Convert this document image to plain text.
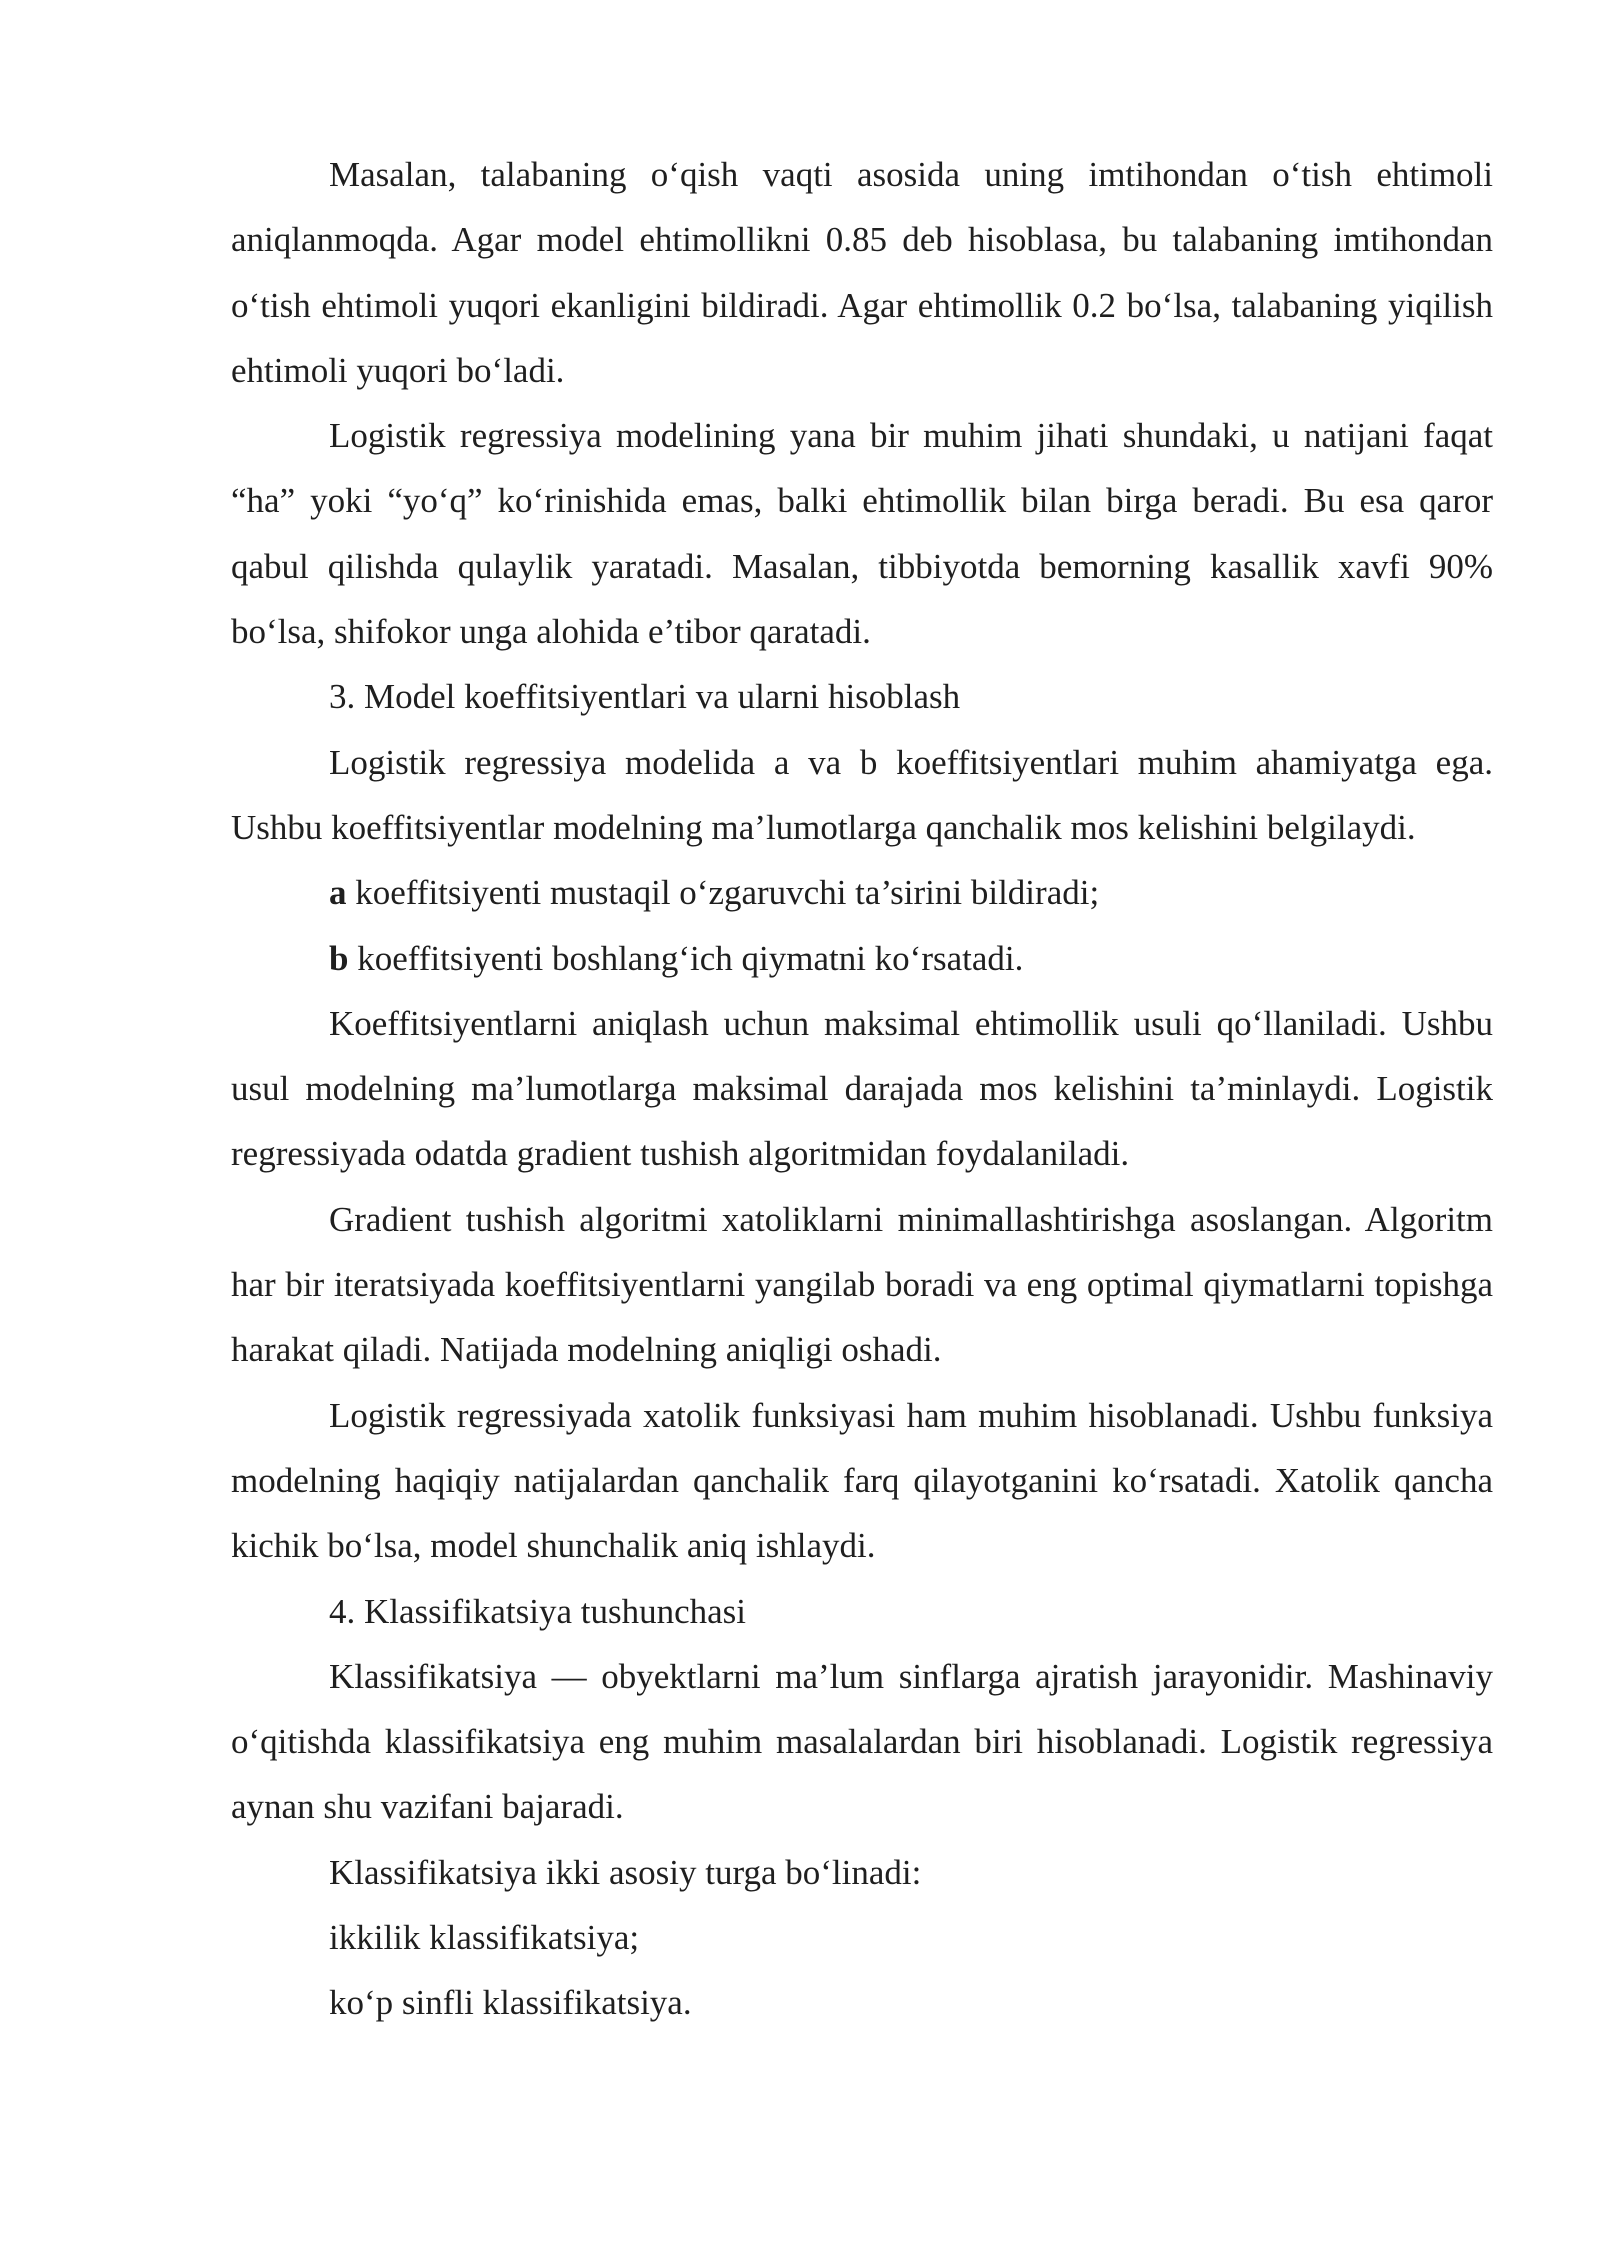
Masalan, talabaning o‘qish vaqti asosida uning imtihondan o‘tish ehtimoli aniqlanmoqda. Agar model ehtimollikni 0.85 deb hisoblasa, bu talabaning imtihondan o‘tish ehtimoli yuqori ekanligini bildiradi. Agar ehtimollik 0.2 bo‘lsa, talabaning yiqilish ehtimoli yuqori bo‘ladi.

Logistik regressiya modelining yana bir muhim jihati shundaki, u natijani faqat “ha” yoki “yo‘q” ko‘rinishida emas, balki ehtimollik bilan birga beradi. Bu esa qaror qabul qilishda qulaylik yaratadi. Masalan, tibbiyotda bemorning kasallik xavfi 90% bo‘lsa, shifokor unga alohida e’tibor qaratadi.

3. Model koeffitsiyentlari va ularni hisoblash

Logistik regressiya modelida a va b koeffitsiyentlari muhim ahamiyatga ega. Ushbu koeffitsiyentlar modelning ma’lumotlarga qanchalik mos kelishini belgilaydi.

a koeffitsiyenti mustaqil o‘zgaruvchi ta’sirini bildiradi;

b koeffitsiyenti boshlang‘ich qiymatni ko‘rsatadi.

Koeffitsiyentlarni aniqlash uchun maksimal ehtimollik usuli qo‘llaniladi. Ushbu usul modelning ma’lumotlarga maksimal darajada mos kelishini ta’minlaydi. Logistik regressiyada odatda gradient tushish algoritmidan foydalaniladi.

Gradient tushish algoritmi xatoliklarni minimallashtirishga asoslangan. Algoritm har bir iteratsiyada koeffitsiyentlarni yangilab boradi va eng optimal qiymatlarni topishga harakat qiladi. Natijada modelning aniqligi oshadi.

Logistik regressiyada xatolik funksiyasi ham muhim hisoblanadi. Ushbu funksiya modelning haqiqiy natijalardan qanchalik farq qilayotganini ko‘rsatadi. Xatolik qancha kichik bo‘lsa, model shunchalik aniq ishlaydi.

4. Klassifikatsiya tushunchasi

Klassifikatsiya — obyektlarni ma’lum sinflarga ajratish jarayonidir. Mashinaviy o‘qitishda klassifikatsiya eng muhim masalalardan biri hisoblanadi. Logistik regressiya aynan shu vazifani bajaradi.

Klassifikatsiya ikki asosiy turga bo‘linadi:

ikkilik klassifikatsiya;

ko‘p sinfli klassifikatsiya.
